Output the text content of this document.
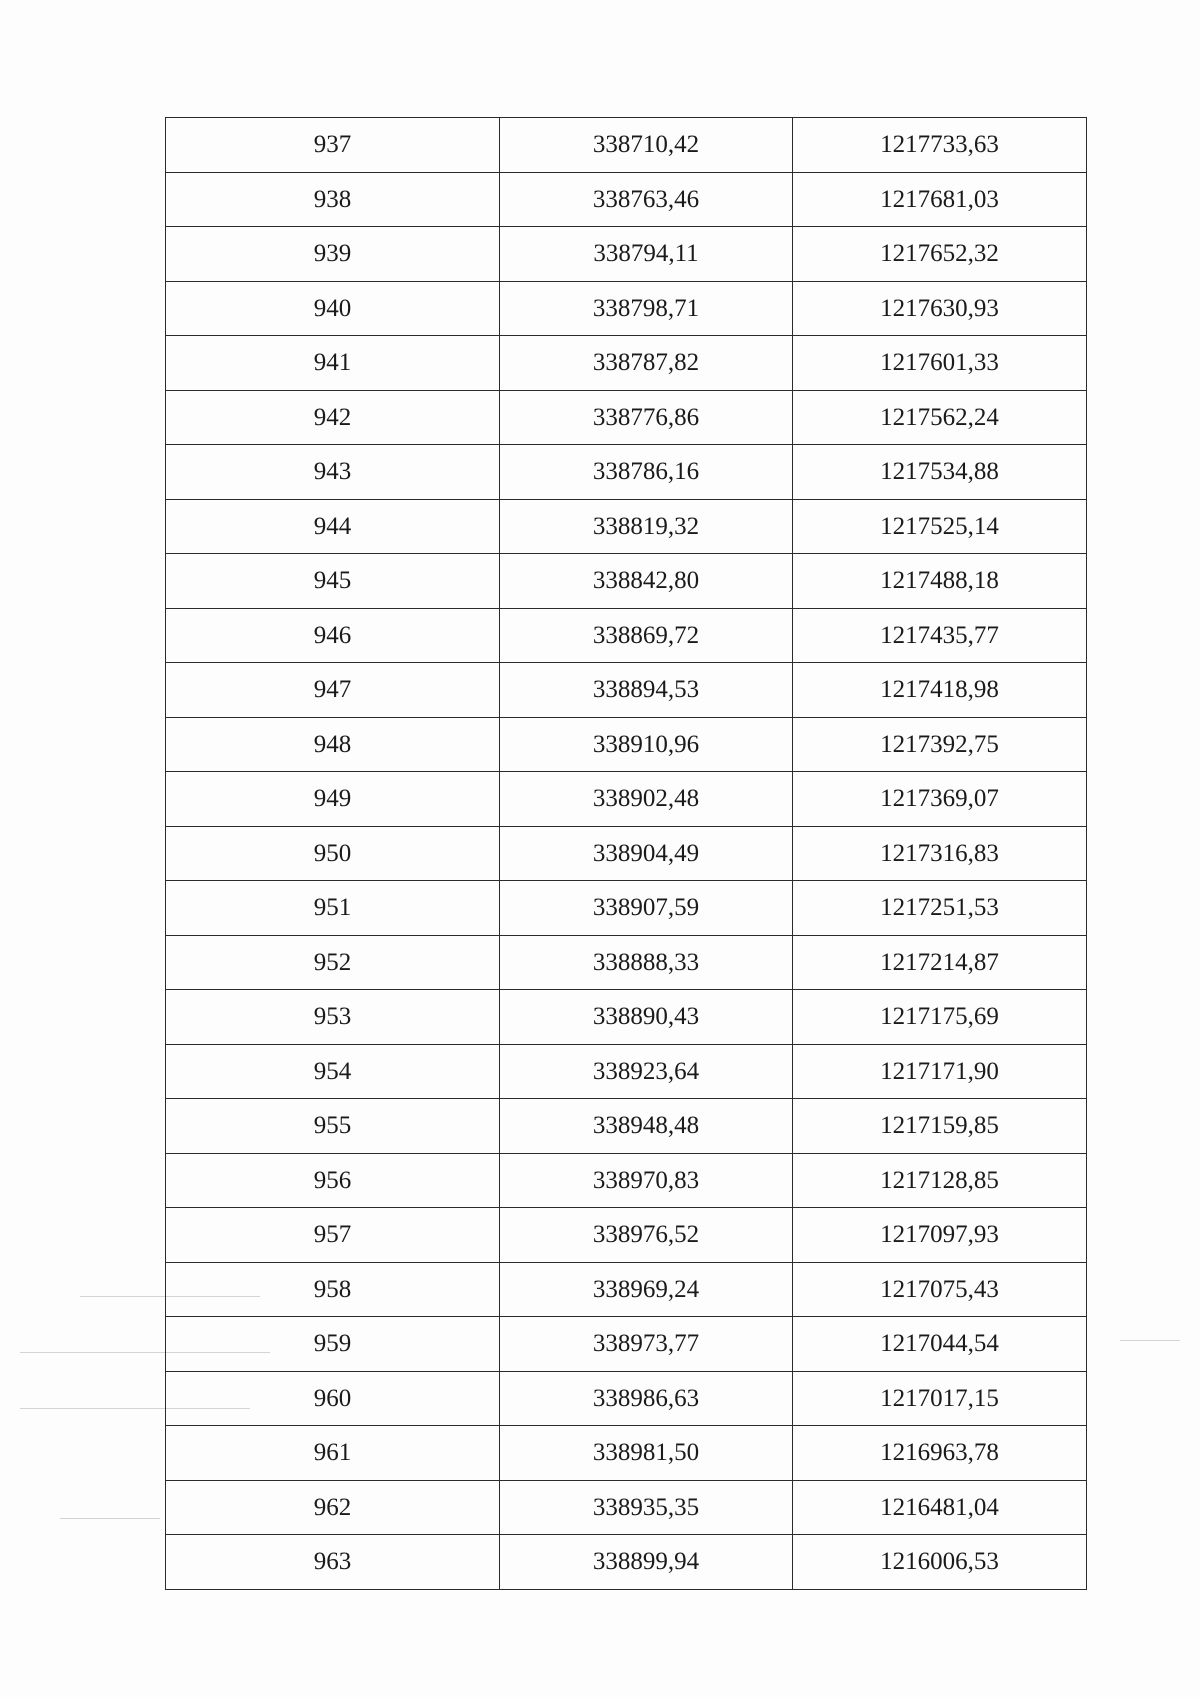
937	338710,42	1217733,63
938	338763,46	1217681,03
939	338794,11	1217652,32
940	338798,71	1217630,93
941	338787,82	1217601,33
942	338776,86	1217562,24
943	338786,16	1217534,88
944	338819,32	1217525,14
945	338842,80	1217488,18
946	338869,72	1217435,77
947	338894,53	1217418,98
948	338910,96	1217392,75
949	338902,48	1217369,07
950	338904,49	1217316,83
951	338907,59	1217251,53
952	338888,33	1217214,87
953	338890,43	1217175,69
954	338923,64	1217171,90
955	338948,48	1217159,85
956	338970,83	1217128,85
957	338976,52	1217097,93
958	338969,24	1217075,43
959	338973,77	1217044,54
960	338986,63	1217017,15
961	338981,50	1216963,78
962	338935,35	1216481,04
963	338899,94	1216006,53
